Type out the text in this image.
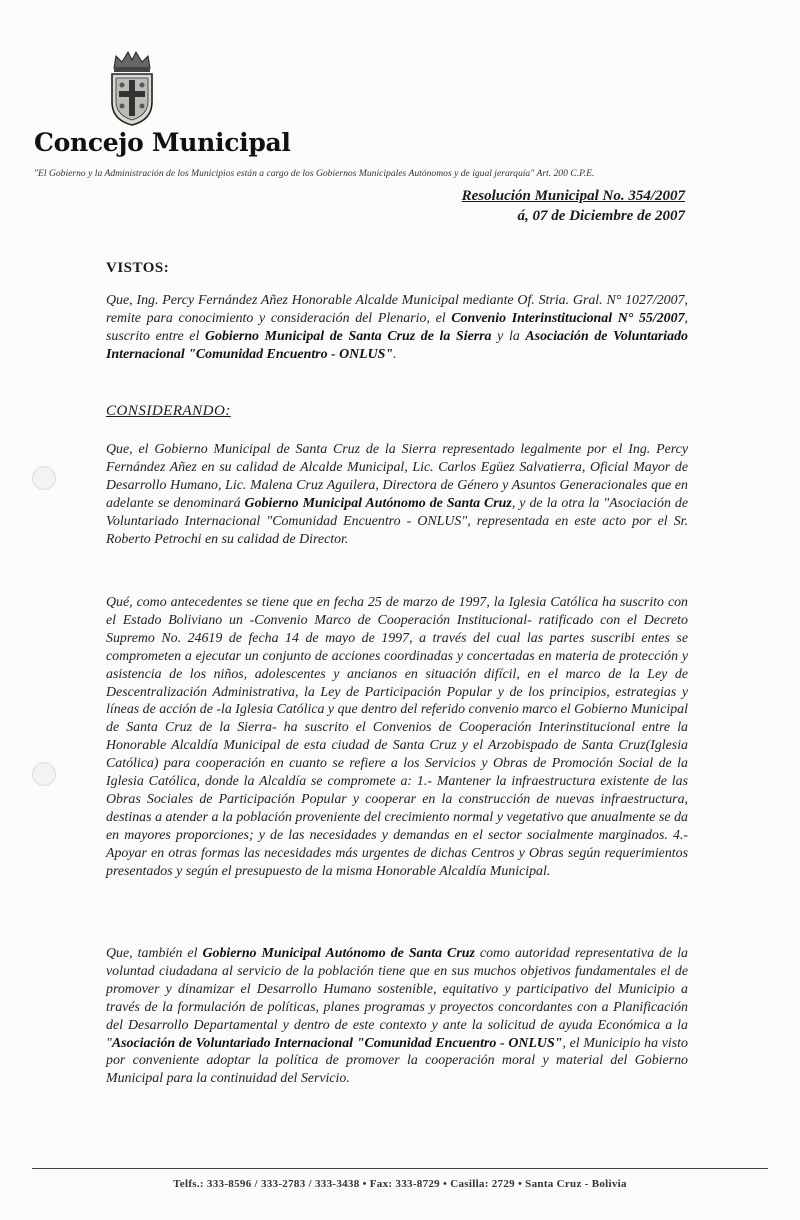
Concejo Municipal
"El Gobierno y la Administración de los Municipios están a cargo de los Gobiernos Municipales Autónomos y de igual jerarquía" Art. 200 C.P.E.
Resolución Municipal No. 354/2007
á, 07 de Diciembre de 2007
VISTOS:

Que, Ing. Percy Fernández Añez Honorable Alcalde Municipal mediante Of. Stria. Gral. N° 1027/2007, remite para conocimiento y consideración del Plenario, el Convenio Interinstitucional N° 55/2007, suscrito entre el Gobierno Municipal de Santa Cruz de la Sierra y la Asociación de Voluntariado Internacional "Comunidad Encuentro - ONLUS".

CONSIDERANDO:

Que, el Gobierno Municipal de Santa Cruz de la Sierra representado legalmente por el Ing. Percy Fernández Añez en su calidad de Alcalde Municipal, Lic. Carlos Egüez Salvatierra, Oficial Mayor de Desarrollo Humano, Lic. Malena Cruz Aguilera, Directora de Género y Asuntos Generacionales que en adelante se denominará Gobierno Municipal Autónomo de Santa Cruz, y de la otra la "Asociación de Voluntariado Internacional "Comunidad Encuentro - ONLUS", representada en este acto por el Sr. Roberto Petrochi en su calidad de Director.

Qué, como antecedentes se tiene que en fecha 25 de marzo de 1997, la Iglesia Católica ha suscrito con el Estado Boliviano un -Convenio Marco de Cooperación Institucional- ratificado con el Decreto Supremo No. 24619 de fecha 14 de mayo de 1997, a través del cual las partes suscribi entes se comprometen a ejecutar un conjunto de acciones coordinadas y concertadas en materia de protección y asistencia de los niños, adolescentes y ancianos en situación difícil, en el marco de la Ley de Descentralización Administrativa, la Ley de Participación Popular y de los principios, estrategias y líneas de acción de -la Iglesia Católica y que dentro del referido convenio marco el Gobierno Municipal de Santa Cruz de la Sierra- ha suscrito el Convenios de Cooperación Interinstitucional entre la Honorable Alcaldía Municipal de esta ciudad de Santa Cruz y el Arzobispado de Santa Cruz(Iglesia Católica) para cooperación en cuanto se refiere a los Servicios y Obras de Promoción Social de la Iglesia Católica, donde la Alcaldía se compromete a: 1.- Mantener la infraestructura existente de las Obras Sociales de Participación Popular y cooperar en la construcción de nuevas infraestructura, destinas a atender a la población proveniente del crecimiento normal y vegetativo que anualmente se da en mayores proporciones; y de las necesidades y demandas en el sector socialmente marginados. 4.- Apoyar en otras formas las necesidades más urgentes de dichas Centros y Obras según requerimientos presentados y según el presupuesto de la misma Honorable Alcaldía Municipal.

Que, también el Gobierno Municipal Autónomo de Santa Cruz como autoridad representativa de la voluntad ciudadana al servicio de la población tiene que en sus muchos objetivos fundamentales el de promover y dinamizar el Desarrollo Humano sostenible, equitativo y participativo del Municipio a través de la formulación de políticas, planes programas y proyectos concordantes con a Planificación del Desarrollo Departamental y dentro de este contexto y ante la solicitud de ayuda Económica a la "Asociación de Voluntariado Internacional "Comunidad Encuentro - ONLUS", el Municipio ha visto por conveniente adoptar la política de promover la cooperación moral y material del Gobierno Municipal para la continuidad del Servicio.

Telfs.: 333-8596 / 333-2783 / 333-3438 • Fax: 333-8729 • Casilla: 2729 • Santa Cruz - Bolivia
